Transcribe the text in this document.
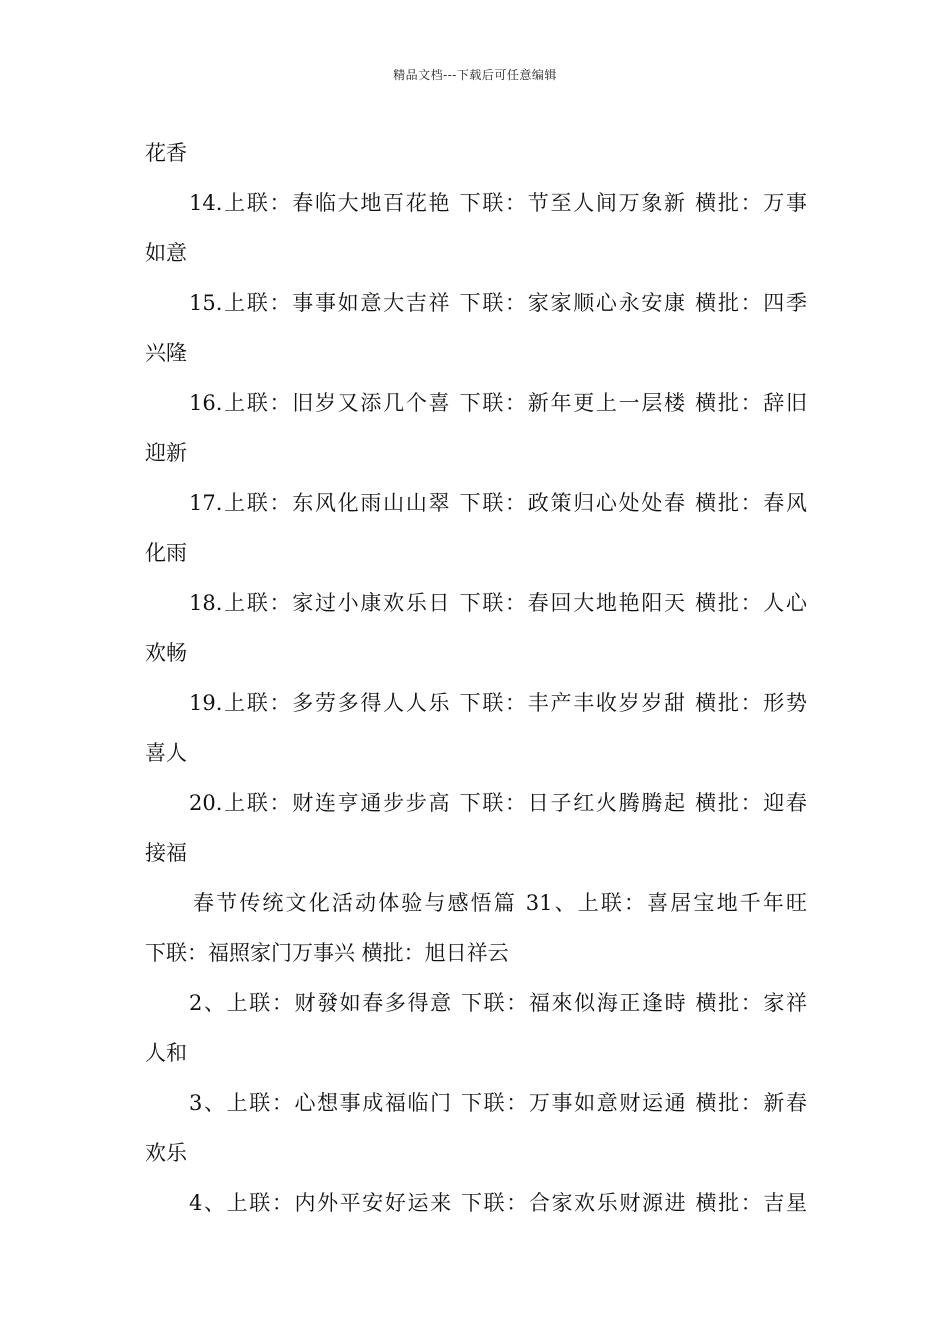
精品文档---下载后可任意编辑
花香
14.上联：春临大地百花艳 下联：节至人间万象新 横批：万事
如意
15.上联：事事如意大吉祥 下联：家家顺心永安康 横批：四季
兴隆
16.上联：旧岁又添几个喜 下联：新年更上一层楼 横批：辞旧
迎新
17.上联：东风化雨山山翠 下联：政策归心处处春 横批：春风
化雨
18.上联：家过小康欢乐日 下联：春回大地艳阳天 横批：人心
欢畅
19.上联：多劳多得人人乐 下联：丰产丰收岁岁甜 横批：形势
喜人
20.上联：财连亨通步步高 下联：日子红火腾腾起 横批：迎春
接福
春节传统文化活动体验与感悟篇 31、上联：喜居宝地千年旺
下联：福照家门万事兴 横批：旭日祥云
2、上联：财發如春多得意 下联：福來似海正逢時 横批：家祥
人和
3、上联：心想事成福临门 下联：万事如意财运通 横批：新春
欢乐
4、上联：内外平安好运来 下联：合家欢乐财源进 横批：吉星
